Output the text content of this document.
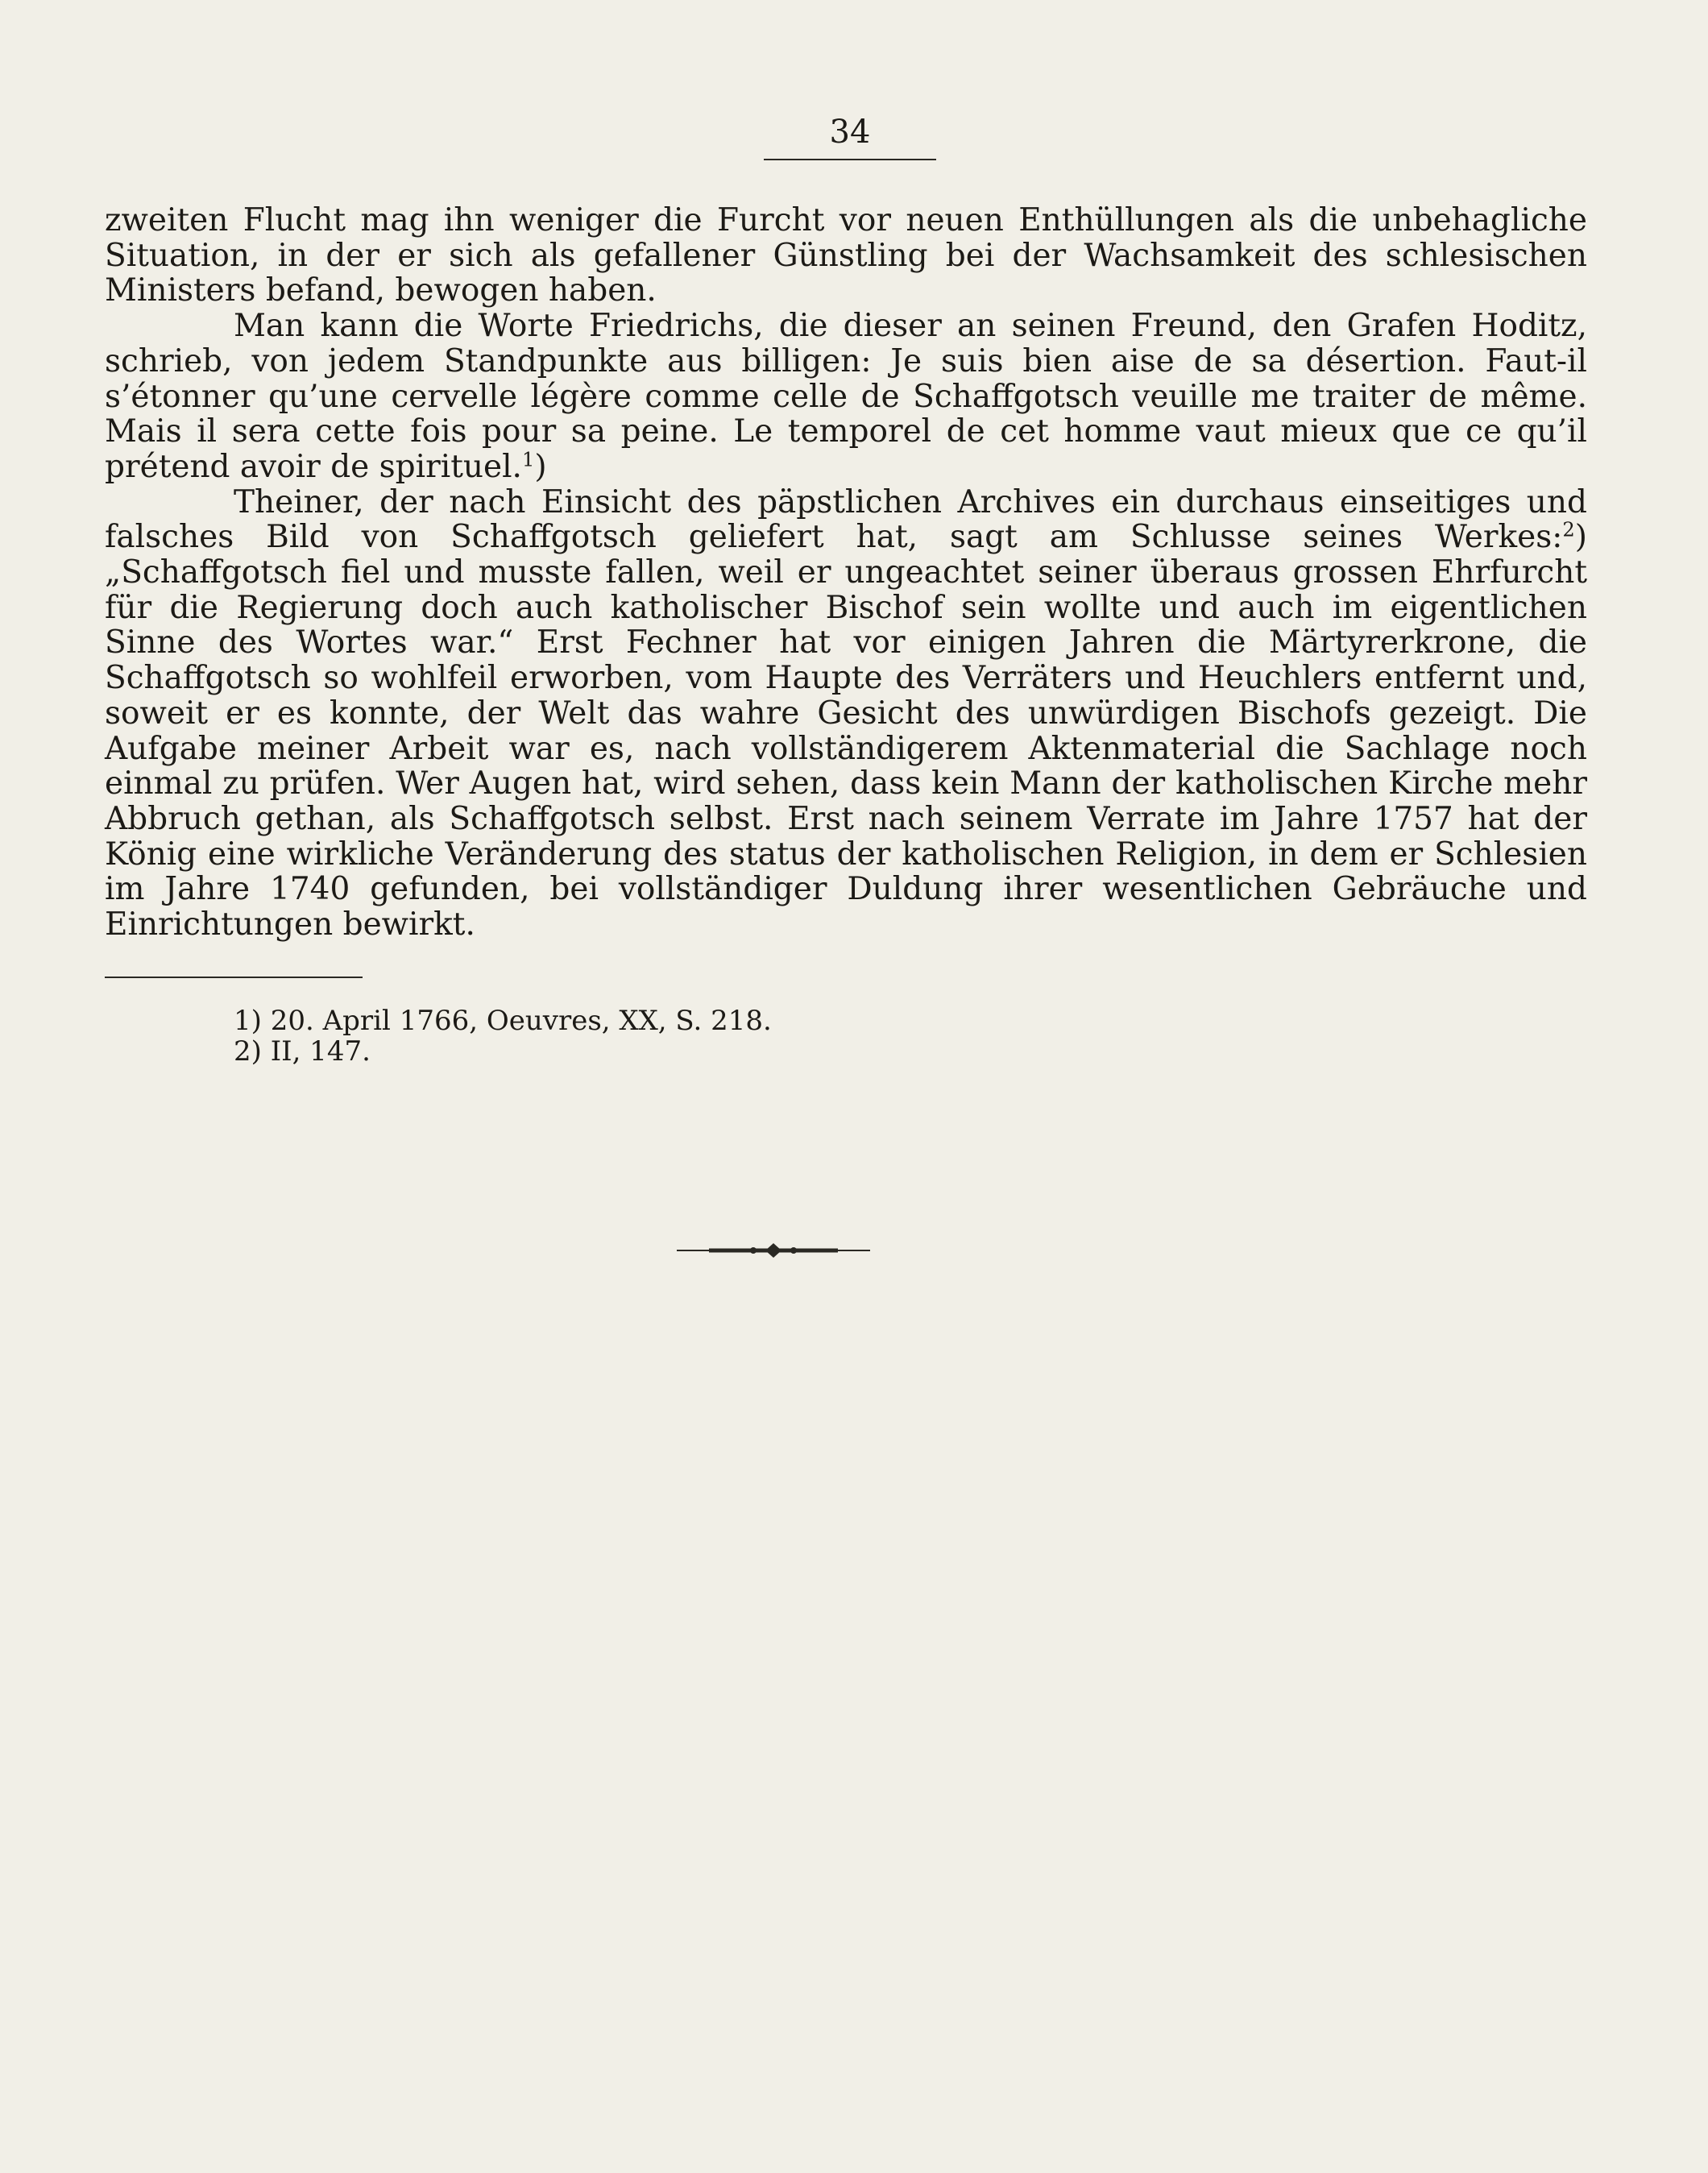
34

zweiten Flucht mag ihn weniger die Furcht vor neuen Enthüllungen als die unbehagliche Situation, in der er sich als gefallener Günstling bei der Wachsamkeit des schlesischen Ministers befand, bewogen haben.

Man kann die Worte Friedrichs, die dieser an seinen Freund, den Grafen Hoditz, schrieb, von jedem Standpunkte aus billigen: Je suis bien aise de sa désertion. Faut-il s’étonner qu’une cervelle légère comme celle de Schaffgotsch veuille me traiter de même. Mais il sera cette fois pour sa peine. Le temporel de cet homme vaut mieux que ce qu’il prétend avoir de spirituel.$^1$)

Theiner, der nach Einsicht des päpstlichen Archives ein durchaus einseitiges und falsches Bild von Schaffgotsch geliefert hat, sagt am Schlusse seines Werkes:$^2$) „Schaffgotsch fiel und musste fallen, weil er ungeachtet seiner überaus grossen Ehrfurcht für die Regierung doch auch katholischer Bischof sein wollte und auch im eigentlichen Sinne des Wortes war.“ Erst Fechner hat vor einigen Jahren die Märtyrerkrone, die Schaffgotsch so wohlfeil erworben, vom Haupte des Verräters und Heuchlers entfernt und, soweit er es konnte, der Welt das wahre Gesicht des unwürdigen Bischofs gezeigt. Die Aufgabe meiner Arbeit war es, nach vollständigerem Aktenmaterial die Sachlage noch einmal zu prüfen. Wer Augen hat, wird sehen, dass kein Mann der katholischen Kirche mehr Abbruch gethan, als Schaffgotsch selbst. Erst nach seinem Verrate im Jahre 1757 hat der König eine wirkliche Veränderung des status der katholischen Religion, in dem er Schlesien im Jahre 1740 gefunden, bei vollständiger Duldung ihrer wesentlichen Gebräuche und Einrichtungen bewirkt.

1) 20. April 1766, Oeuvres, XX, S. 218.
2) II, 147.
